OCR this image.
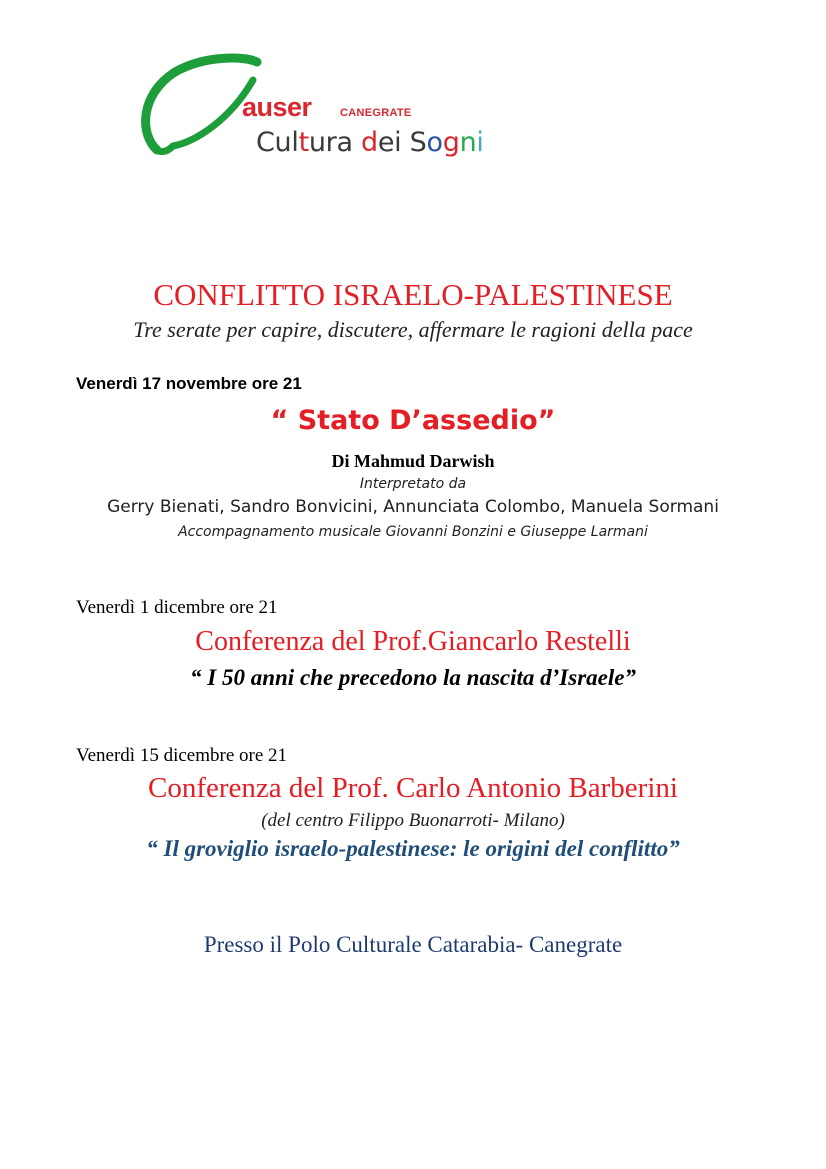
auser	CANEGRATE
Cultura dei Sogni
CONFLITTO ISRAELO-PALESTINESE
Tre serate per capire, discutere, affermare le ragioni della pace
Venerdì 17 novembre ore 21
“ Stato D’assedio”
Di Mahmud Darwish
Interpretato da
Gerry Bienati, Sandro Bonvicini, Annunciata Colombo, Manuela Sormani
Accompagnamento musicale Giovanni Bonzini e Giuseppe Larmani
Venerdì 1 dicembre ore 21
Conferenza del Prof.Giancarlo Restelli
“ I 50 anni che precedono la nascita d’Israele”
Venerdì 15 dicembre ore 21
Conferenza del Prof. Carlo Antonio Barberini
(del centro Filippo Buonarroti- Milano)
“ Il groviglio israelo-palestinese: le origini del conflitto”
Presso il Polo Culturale Catarabia- Canegrate
